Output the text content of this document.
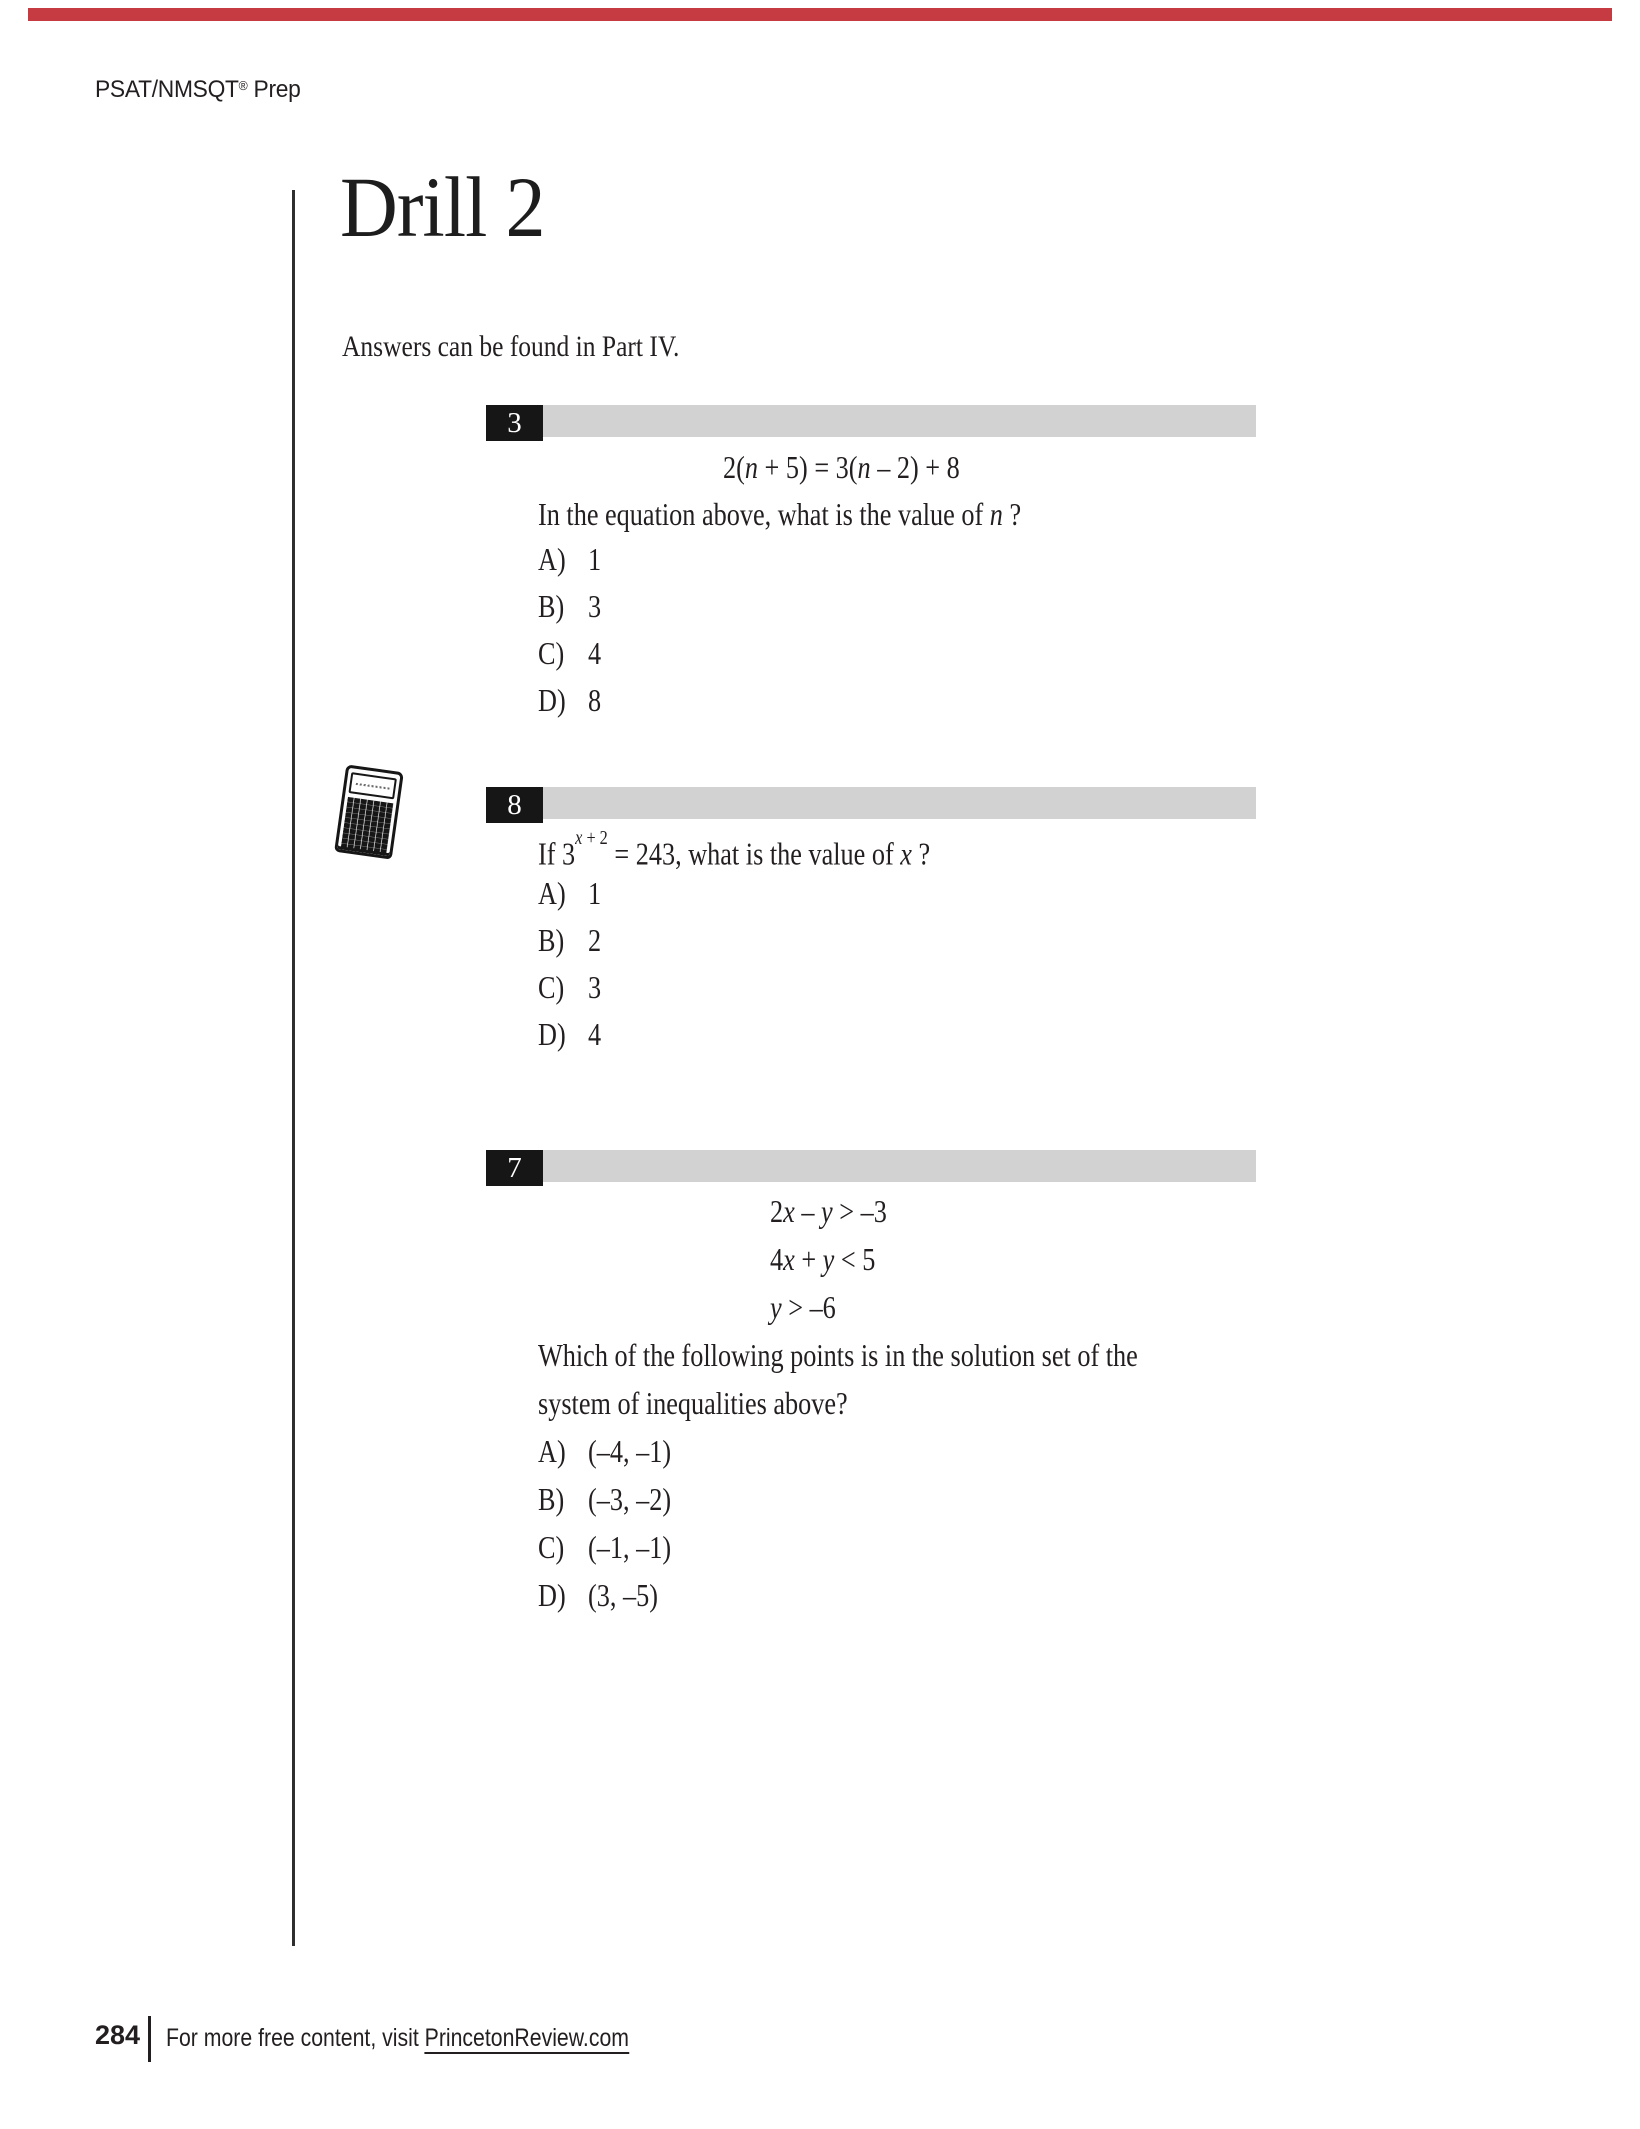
PSAT/NMSQT® Prep
Drill 2
Answers can be found in Part IV.
3
2(n + 5) = 3(n – 2) + 8
In the equation above, what is the value of n ?
A) 1
B) 3
C) 4
D) 8
8
If $3^{x + 2} = 243$, what is the value of x ?
A) 1
B) 2
C) 3
D) 4
7
2x – y > –3
4x + y < 5
y > –6
Which of the following points is in the solution set of the
system of inequalities above?
A) (–4, –1)
B) (–3, –2)
C) (–1, –1)
D) (3, –5)
284 For more free content, visit PrincetonReview.com
